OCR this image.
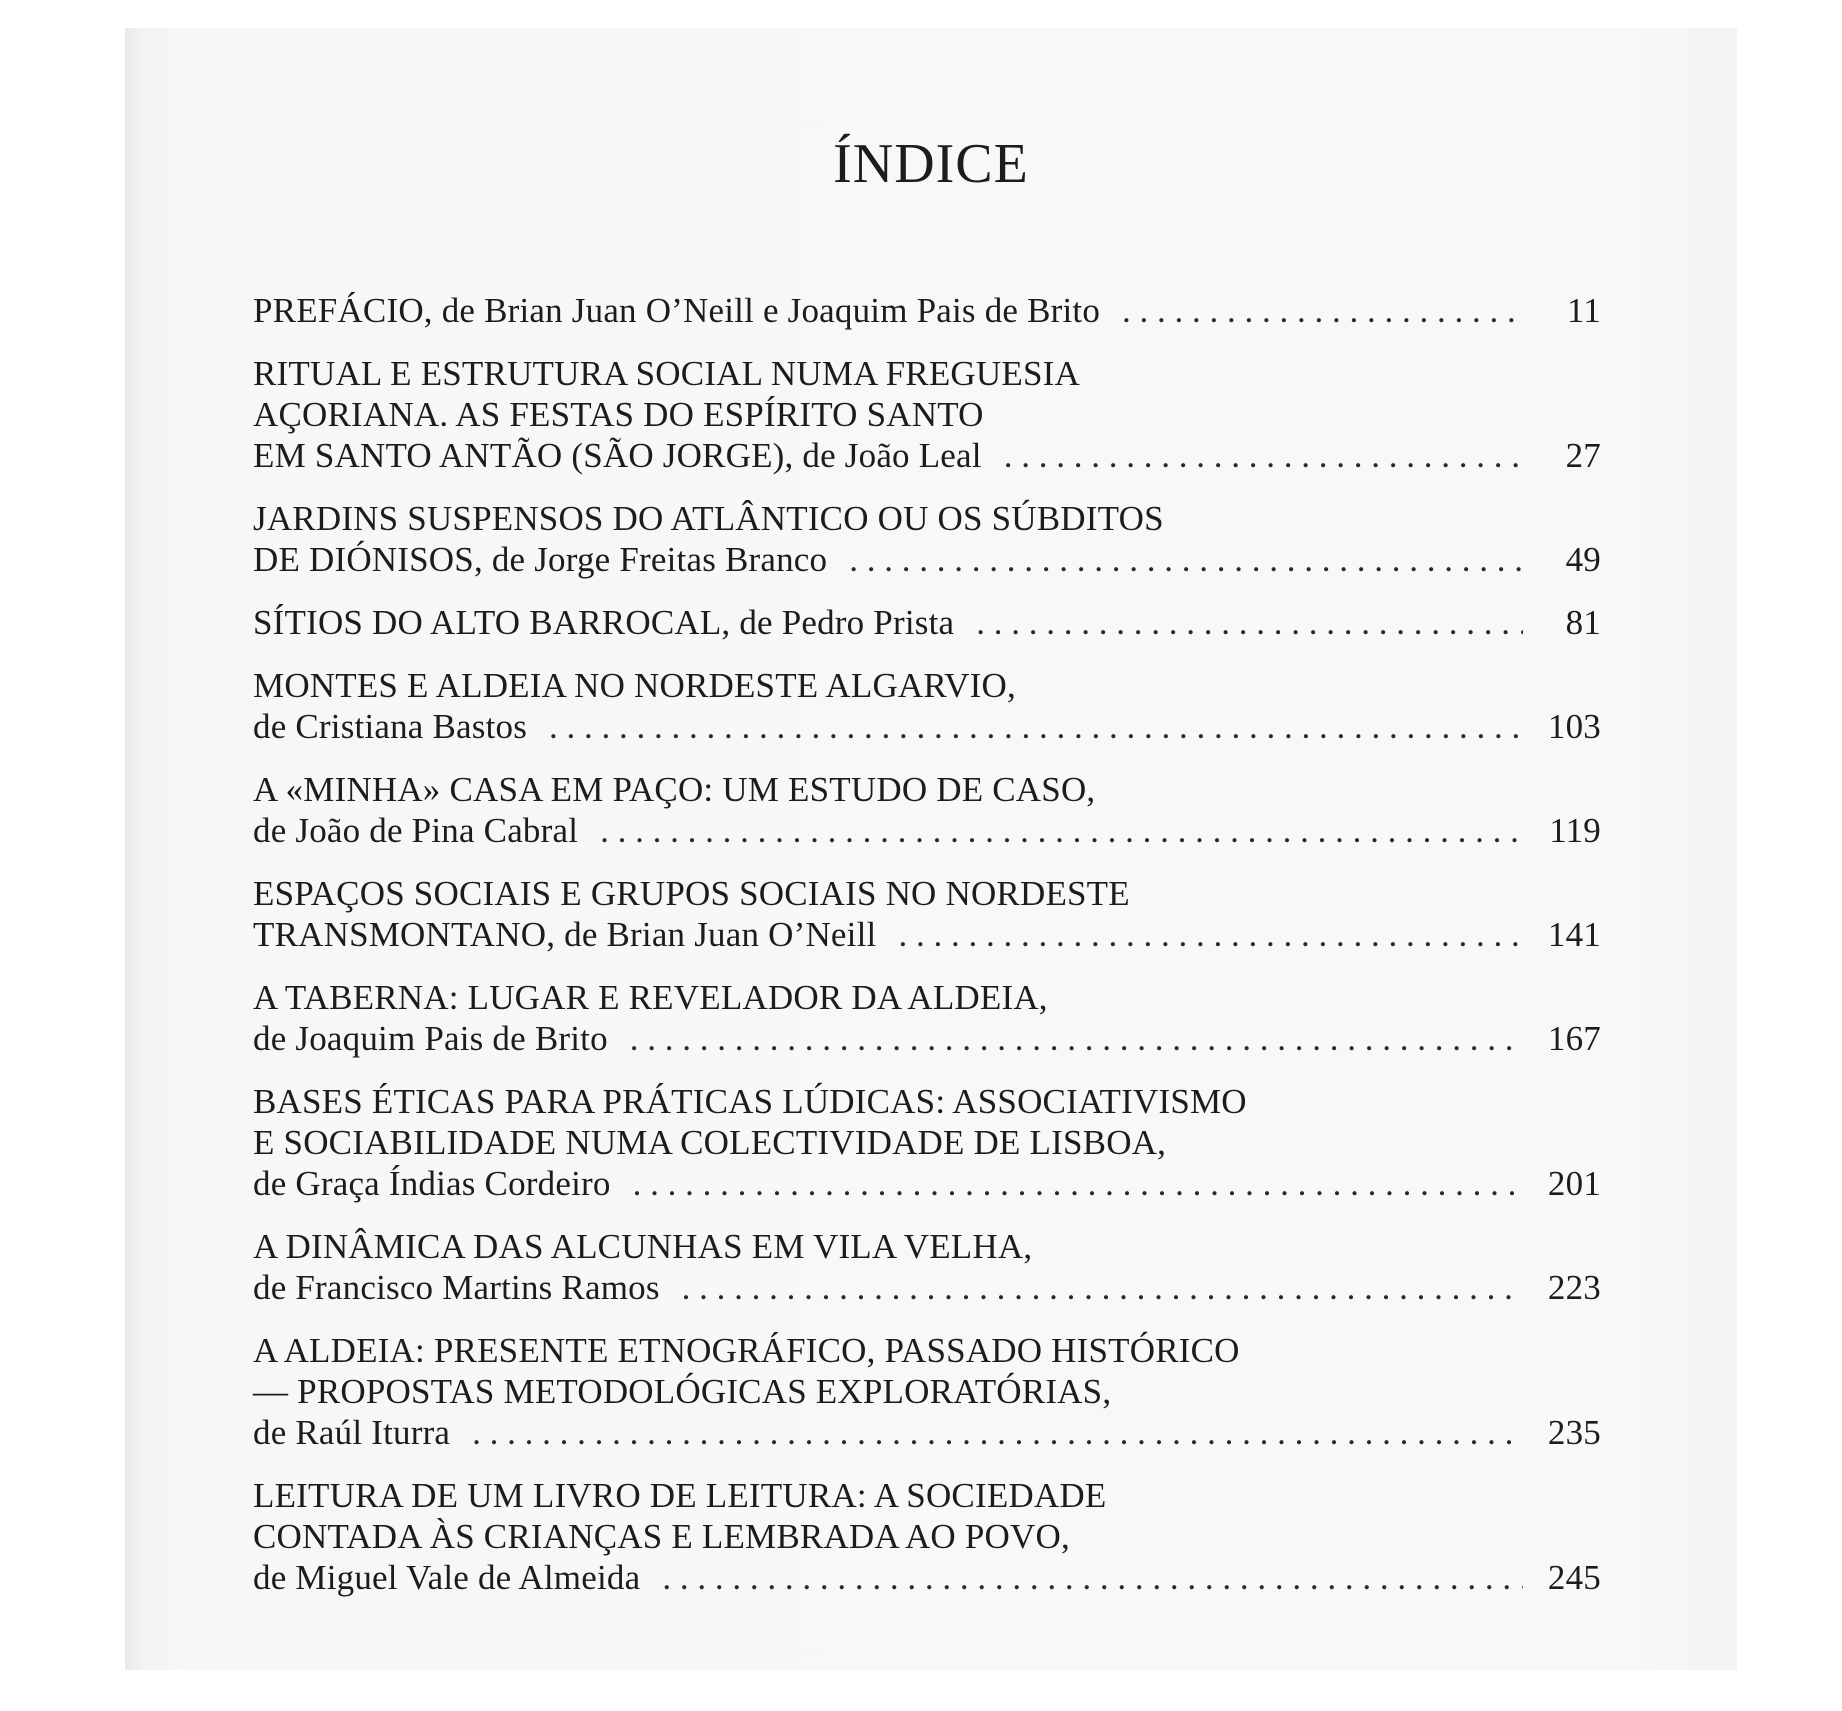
ÍNDICE
PREFÁCIO, de Brian Juan O’Neill e Joaquim Pais de Brito . . .	11
RITUAL E ESTRUTURA SOCIAL NUMA FREGUESIA
AÇORIANA. AS FESTAS DO ESPÍRITO SANTO
EM SANTO ANTÃO (SÃO JORGE), de João Leal . . .	27
JARDINS SUSPENSOS DO ATLÂNTICO OU OS SÚBDITOS
DE DIÓNISOS, de Jorge Freitas Branco . . .	49
SÍTIOS DO ALTO BARROCAL, de Pedro Prista . . .	81
MONTES E ALDEIA NO NORDESTE ALGARVIO,
de Cristiana Bastos . . .	103
A «MINHA» CASA EM PAÇO: UM ESTUDO DE CASO,
de João de Pina Cabral . . .	119
ESPAÇOS SOCIAIS E GRUPOS SOCIAIS NO NORDESTE
TRANSMONTANO, de Brian Juan O’Neill . . .	141
A TABERNA: LUGAR E REVELADOR DA ALDEIA,
de Joaquim Pais de Brito . . .	167
BASES ÉTICAS PARA PRÁTICAS LÚDICAS: ASSOCIATIVISMO
E SOCIABILIDADE NUMA COLECTIVIDADE DE LISBOA,
de Graça Índias Cordeiro . . .	201
A DINÂMICA DAS ALCUNHAS EM VILA VELHA,
de Francisco Martins Ramos . . .	223
A ALDEIA: PRESENTE ETNOGRÁFICO, PASSADO HISTÓRICO
— PROPOSTAS METODOLÓGICAS EXPLORATÓRIAS,
de Raúl Iturra . . .	235
LEITURA DE UM LIVRO DE LEITURA: A SOCIEDADE
CONTADA ÀS CRIANÇAS E LEMBRADA AO POVO,
de Miguel Vale de Almeida . . .	245
